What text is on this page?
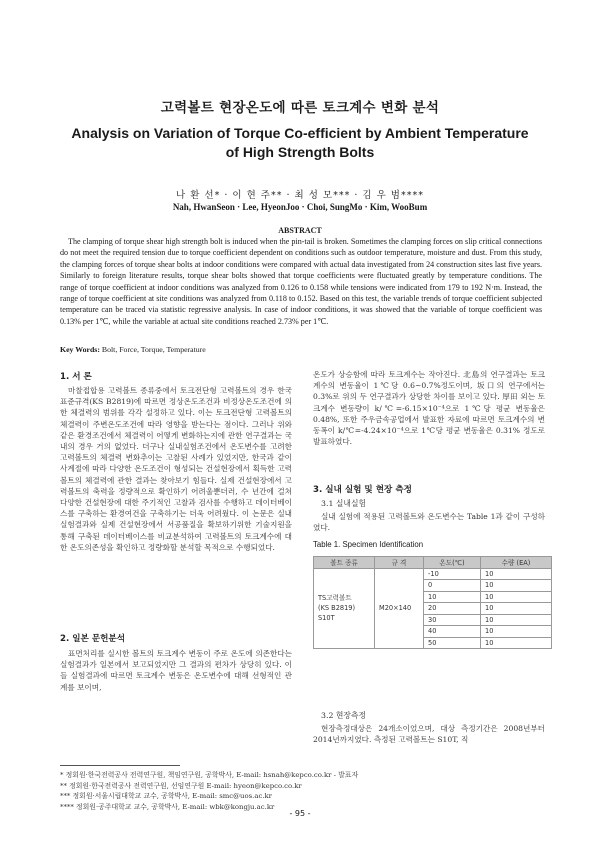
고력볼트 현장온도에 따른 토크계수 변화 분석
Analysis on Variation of Torque Co-efficient by Ambient Temperature
of High Strength Bolts
나 환 선* · 이 현 주** · 최 성 모*** · 김 우 범****
Nah, HwanSeon · Lee, HyeonJoo · Choi, SungMo · Kim, WooBum
ABSTRACT

The clamping of torque shear high strength bolt is induced when the pin-tail is broken. Sometimes the clamping forces on slip critical connections do not meet the required tension due to torque coefficient dependent on conditions such as outdoor temperature, moisture and dust. From this study, the clamping forces of torque shear bolts at indoor conditions were compared with actual data investigated from 24 construction sites last five years. Similarly to foreign literature results, torque shear bolts showed that torque coefficients were fluctuated greatly by temperature conditions. The range of torque coefficient at indoor conditions was analyzed from 0.126 to 0.158 while tensions were indicated from 179 to 192 N·m. Instead, the range of torque coefficient at site conditions was analyzed from 0.118 to 0.152. Based on this test, the variable trends of torque coefficient subjected temperature can be traced via statistic regressive analysis. In case of indoor conditions, it was showed that the variable of torque coefficient was 0.13% per 1℃, while the variable at actual site conditions reached 2.73% per 1℃.

Key Words: Bolt, Force, Torque, Temperature
1. 서 론

마찰접합용 고력볼트 종류중에서 토크전단형 고력볼트의 경우 한국표준규격(KS B2819)에 따르면 정상온도조건과 비정상온도조건에 의한 체결력의 범위를 각각 설정하고 있다. 이는 토크전단형 고력볼트의 체결력이 주변온도조건에 따라 영향을 받는다는 점이다. 그러나 위와 같은 환경조건에서 체결력이 어떻게 변화하는지에 관한 연구결과는 국내의 경우 거의 없었다. 더구나 실내실험조건에서 온도변수를 고려한 고력볼트의 체결력 변화추이는 고찰된 사례가 있었지만, 한국과 같이 사계절에 따라 다양한 온도조건이 형성되는 건설현장에서 획득한 고력볼트의 체결력에 관한 결과는 찾아보기 힘들다. 실제 건설현장에서 고력볼트의 축력을 정량적으로 확인하기 어려울뿐더러, 수 년간에 걸쳐 다양한 건설현장에 대한 주기적인 고찰과 검사를 수행하고 데이터베이스를 구축하는 환경여건을 구축하기는 더욱 어려웠다. 이 논문은 실내실험결과와 실제 건설현장에서 서공품질을 확보하기위한 기술지원을 통해 구축된 데이터베이스를 비교분석하여 고력볼트의 토크계수에 대한 온도의존성을 확인하고 정량화할 분석할 목적으로 수행되었다.

2. 일본 문헌분석

표면처리를 실시한 볼트의 토크계수 변동이 주로 온도에 의존한다는 실험결과가 일본에서 보고되었지만 그 결과의 편차가 상당히 있다. 이들 실험결과에 따르면 토크계수 변동은 온도변수에 대해 선형적인 관계를 보이며,

온도가 상승함에 따라 토크계수는 작아진다. 北島의 연구결과는 토크계수의 변동율이 1℃당 0.6~0.7%정도이며, 坂口의 연구에서는 0.3%로 위의 두 연구결과가 상당한 차이를 보이고 있다. 厚田 외는 토크계수 변동량이 k/℃=-6.15×10⁻⁴으로 1℃당 평균 변동율은 0.48%, 또한 주우금속공업에서 발표한 자료에 따르면 토크계수의 변동폭이 k/℃=-4.24×10⁻⁴으로 1℃당 평균 변동율은 0.31% 정도로 발표하였다.

3. 실내 실험 및 현장 측정
3.1 실내실험

실내 실험에 적용된 고력볼트와 온도변수는 Table 1과 같이 구성하였다.

Table 1. Specimen Identification
볼트 종류	규 격	온도(℃)	수량 (EA)
TS고력볼트
(KS B2819)
S10T	M20×140	-10	10
		0	10
		10	10
		20	10
		30	10
		40	10
		50	10
3.2 현장측정

현장측정대상은 24개소이었으며, 대상 측정기간은 2008년부터 2014년까지였다. 측정된 고력볼트는 S10T, 직

* 정회원·한국전력공사 전력연구원, 책임연구원, 공학박사, E-mail: hsnah@kepco.co.kr - 발표자
** 정회원·한국전력공사 전력연구원, 선임연구원 E-mail: hyeon@kepco.co.kr
*** 정회원·서울시립대학교 교수, 공학박사, E-mail: smc@uos.ac.kr
**** 정회원·공주대학교 교수, 공학박사, E-mail: wbk@kongju.ac.kr
- 95 -
